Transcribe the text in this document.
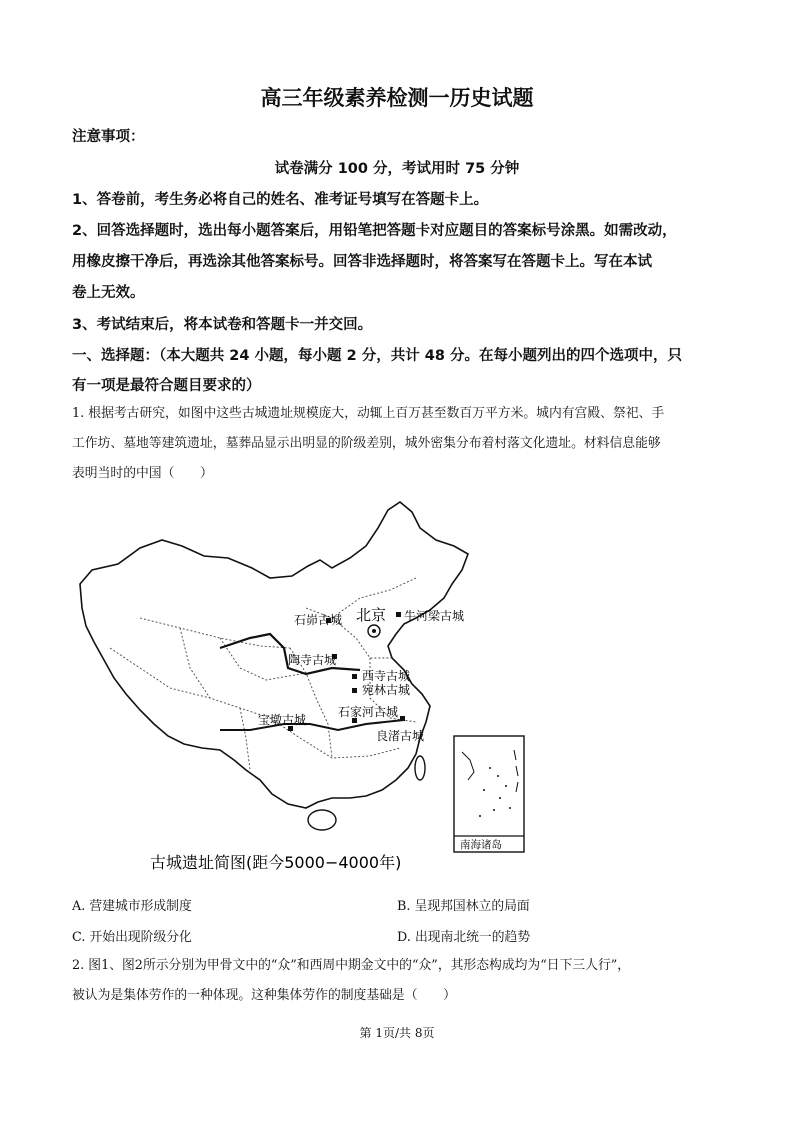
高三年级素养检测一历史试题
注意事项：
试卷满分 100 分，考试用时 75 分钟
1、答卷前，考生务必将自己的姓名、准考证号填写在答题卡上。
2、回答选择题时，选出每小题答案后，用铅笔把答题卡对应题目的答案标号涂黑。如需改动，
用橡皮擦干净后，再选涂其他答案标号。回答非选择题时，将答案写在答题卡上。写在本试
卷上无效。
3、考试结束后，将本试卷和答题卡一并交回。
一、选择题：（本大题共 24 小题，每小题 2 分，共计 48 分。在每小题列出的四个选项中，只
有一项是最符合题目要求的）
1. 根据考古研究，如图中这些古城遗址规模庞大，动辄上百万甚至数百万平方米。城内有宫殿、祭祀、手
工作坊、墓地等建筑遗址，墓葬品显示出明显的阶级差别，城外密集分布着村落文化遗址。材料信息能够
表明当时的中国（　　）
北京 牛河梁古城
石峁古城
陶寺古城
西寺古城
宛林古城
宝墩古城
石家河古城
良渚古城
南海诸岛
古城遗址简图(距今5000−4000年)
A. 营建城市形成制度	B. 呈现邦国林立的局面
C. 开始出现阶级分化	D. 出现南北统一的趋势
2. 图1、图2所示分别为甲骨文中的“众”和西周中期金文中的“众”，其形态构成均为“日下三人行”，
被认为是集体劳作的一种体现。这种集体劳作的制度基础是（　　）
第 1页/共 8页
